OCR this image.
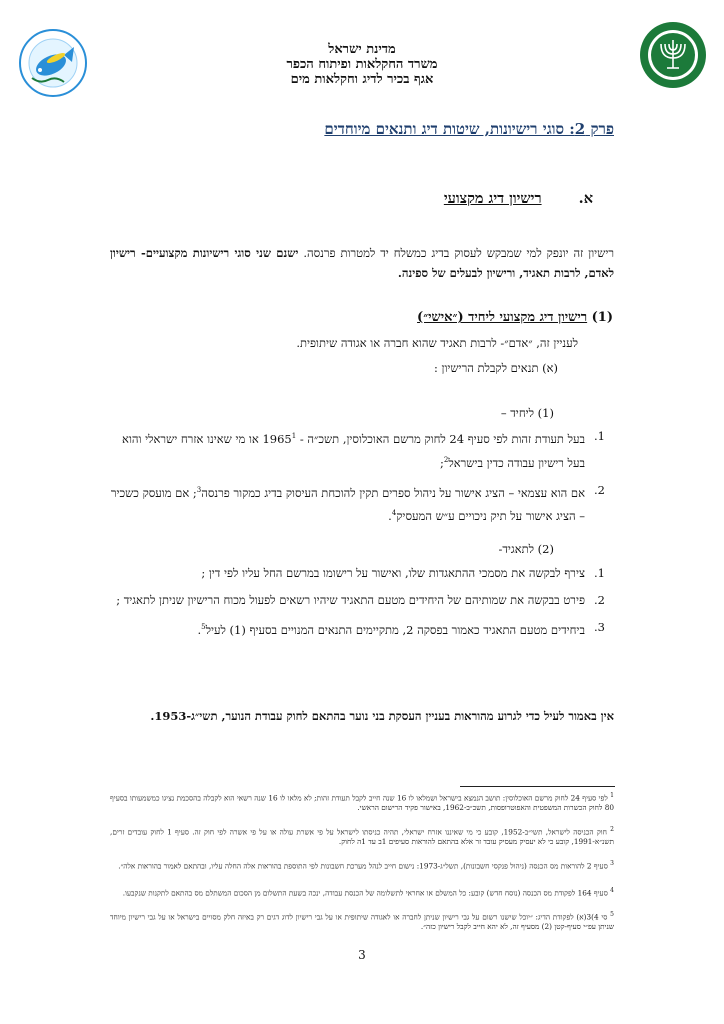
מדינת ישראל
משרד החקלאות ופיתוח הכפר
אגף בכיר לדיג וחקלאות מים
פרק 2: סוגי רישיונות, שיטות דיג ותנאים מיוחדים
א. רישיון דיג מקצועי
רישיון זה יונפק למי שמבקש לעסוק בדיג כמשלח יד למטרות פרנסה. ישנם שני סוגי רישיונות מקצועיים- רישיון לאדם, לרבות תאגיד, ורישיון לבעלים של ספינה.
(1) רישיון דיג מקצועי ליחיד (״אישי״)
לעניין זה, ״אדם״- לרבות תאגיד שהוא חברה או אגודה שיתופית.
(א) תנאים לקבלת הרישיון :
(1) ליחיד –
1.
בעל תעודת זהות לפי סעיף 24 לחוק מרשם האוכלוסין, תשכ״ה - 1965$^1$ או מי שאינו אזרח ישראלי והוא בעל רישיון עבודה כדין בישראל$^2$;
2.
אם הוא עצמאי – הציג אישור על ניהול ספרים תקין להוכחת העיסוק בדיג כמקור פרנסה$^3$; אם מועסק כשכיר – הציג אישור על תיק ניכויים ע״ש המעסיק$^4$.
(2) לתאגיד-
1.
צירף לבקשה את מסמכי ההתאגדות שלו, ואישור על רישומו במרשם החל עליו לפי דין ;
2.
פירט בבקשה את שמותיהם של היחידים מטעם התאגיד שיהיו רשאים לפעול מכוח הרישיון שניתן לתאגיד ;
3.
ביחידים מטעם התאגיד כאמור בפסקה 2, מתקיימים התנאים המנויים בסעיף (1) לעיל$^5$.
אין באמור לעיל כדי לגרוע מהוראות בעניין העסקת בני נוער בהתאם לחוק עבודת הנוער, תשי״ג-1953.
$^1$ לפי סעיף 24 לחוק מרשם האוכלוסין: תושב הנמצא בישראל ושמלאו לו 16 שנה חייב לקבל תעודת זהות; לא מלאו לו 16 שנה רשאי הוא לקבלה בהסכמת נציגו כמשמעותו בסעיף 80 לחוק הכשרות המשפטית והאפוטרופסות, תשכ״ב-1962, באישור פקיד הרישום הראשי.
$^2$ חוק הכניסה לישראל, תשי״ב-1952, קובע כי מי שאיננו אזרח ישראלי, תהיה כניסתו לישראל על פי אשרת עולה או על פי אשרה לפי חוק זה. סעיף 1 לחוק עובדים זרים, תשנ״א-1991, קובע כי לא יעסיק מעסיק עובד זר אלא בהתאם להוראות סעיפים 1ב עד 1ה לחוק.
$^3$ סעיף 2 להוראות מס הכנסה (ניהול פנקסי חשבונות), תשל״ג-1973: נישום חייב לנהל מערכת חשבונות לפי התוספת בהוראות אלה החלה עליו, ובהתאם לאמור בהוראות אלה״.
$^4$ סעיף 164 לפקודת מס הכנסה (נוסח חדש) קובע: כל המשלם או אחראי לתשלומה של הכנסת עבודה, ינכה בשעת התשלום מן הסכום המשתלם מס בהתאם לתקנות שנקבעו.
$^5$ סי 4)3(א) לפקודת הדיג: ״יוכל שישנו רשום על גבי רישיון שניתן לחברה או לאגודה שיתופית או על גבי רישיון לדוג דגים רק באיזה חלק מסויים בישראל או על גבי רישיון מיוחד שניתן עפ״י סעיף-קטן (2) מסעיף זה, לא יהא חייב לקבל רישיון כזה״.
3
